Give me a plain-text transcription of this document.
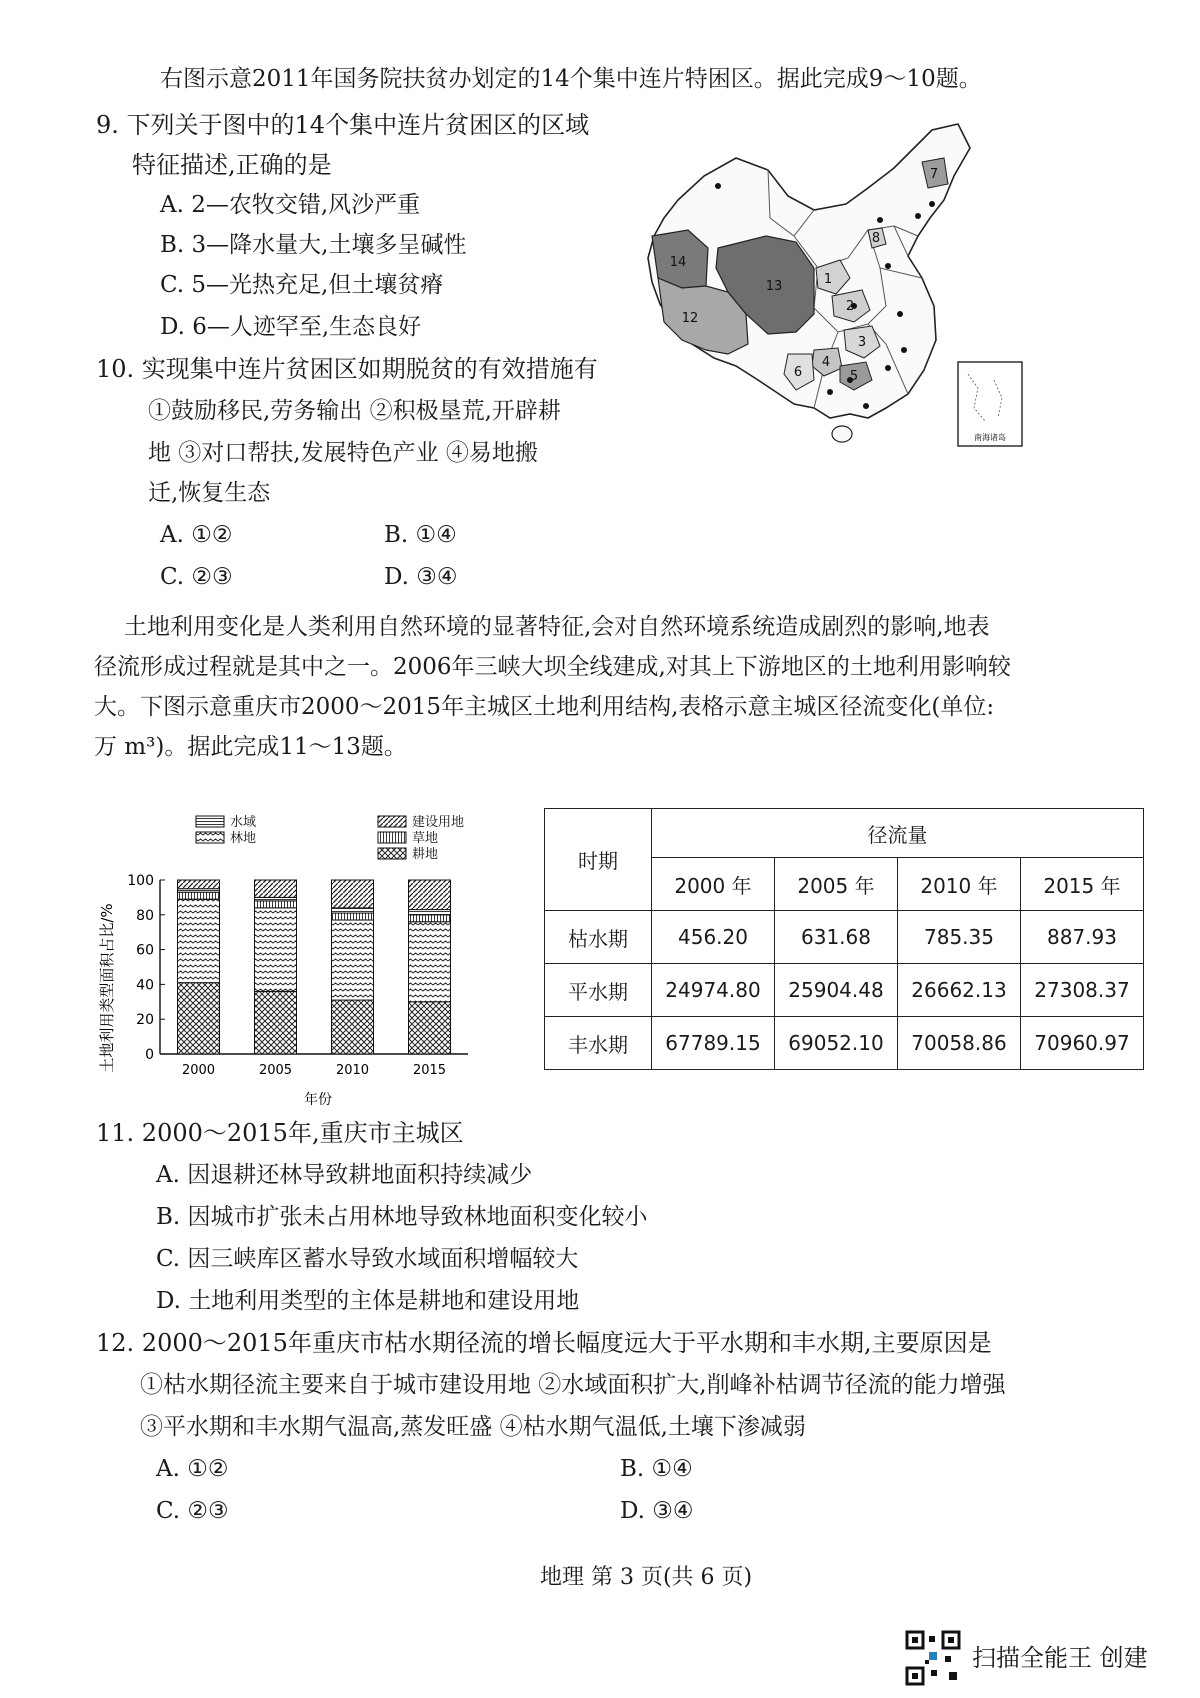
右图示意2011年国务院扶贫办划定的14个集中连片特困区。据此完成9～10题。
9. 下列关于图中的14个集中连片贫困区的区域
特征描述,正确的是
A. 2—农牧交错,风沙严重
B. 3—降水量大,土壤多呈碱性
C. 5—光热充足,但土壤贫瘠
D. 6—人迹罕至,生态良好
10. 实现集中连片贫困区如期脱贫的有效措施有
①鼓励移民,劳务输出 ②积极垦荒,开辟耕
地 ③对口帮扶,发展特色产业 ④易地搬
迁,恢复生态
A. ①②	B. ①④
C. ②③	D. ③④
1
2
3
4
5
6
7
8
12
13
14
南海诸岛
土地利用变化是人类利用自然环境的显著特征,会对自然环境系统造成剧烈的影响,地表
径流形成过程就是其中之一。2006年三峡大坝全线建成,对其上下游地区的土地利用影响较
大。下图示意重庆市2000～2015年主城区土地利用结构,表格示意主城区径流变化(单位:
万 m³)。据此完成11～13题。
水域
林地
建设用地
草地
耕地
0
20
40
60
80
100
2000	2005	2010	2015
土地利用类型面积占比/%
年份
时期	径流量			
	2000 年	2005 年	2010 年	2015 年
枯水期	456.20	631.68	785.35	887.93
平水期	24974.80	25904.48	26662.13	27308.37
丰水期	67789.15	69052.10	70058.86	70960.97
11. 2000～2015年,重庆市主城区
A. 因退耕还林导致耕地面积持续减少
B. 因城市扩张未占用林地导致林地面积变化较小
C. 因三峡库区蓄水导致水域面积增幅较大
D. 土地利用类型的主体是耕地和建设用地
12. 2000～2015年重庆市枯水期径流的增长幅度远大于平水期和丰水期,主要原因是
①枯水期径流主要来自于城市建设用地 ②水域面积扩大,削峰补枯调节径流的能力增强
③平水期和丰水期气温高,蒸发旺盛 ④枯水期气温低,土壤下渗减弱
A. ①②	B. ①④
C. ②③	D. ③④
地理 第 3 页(共 6 页)
扫描全能王 创建
